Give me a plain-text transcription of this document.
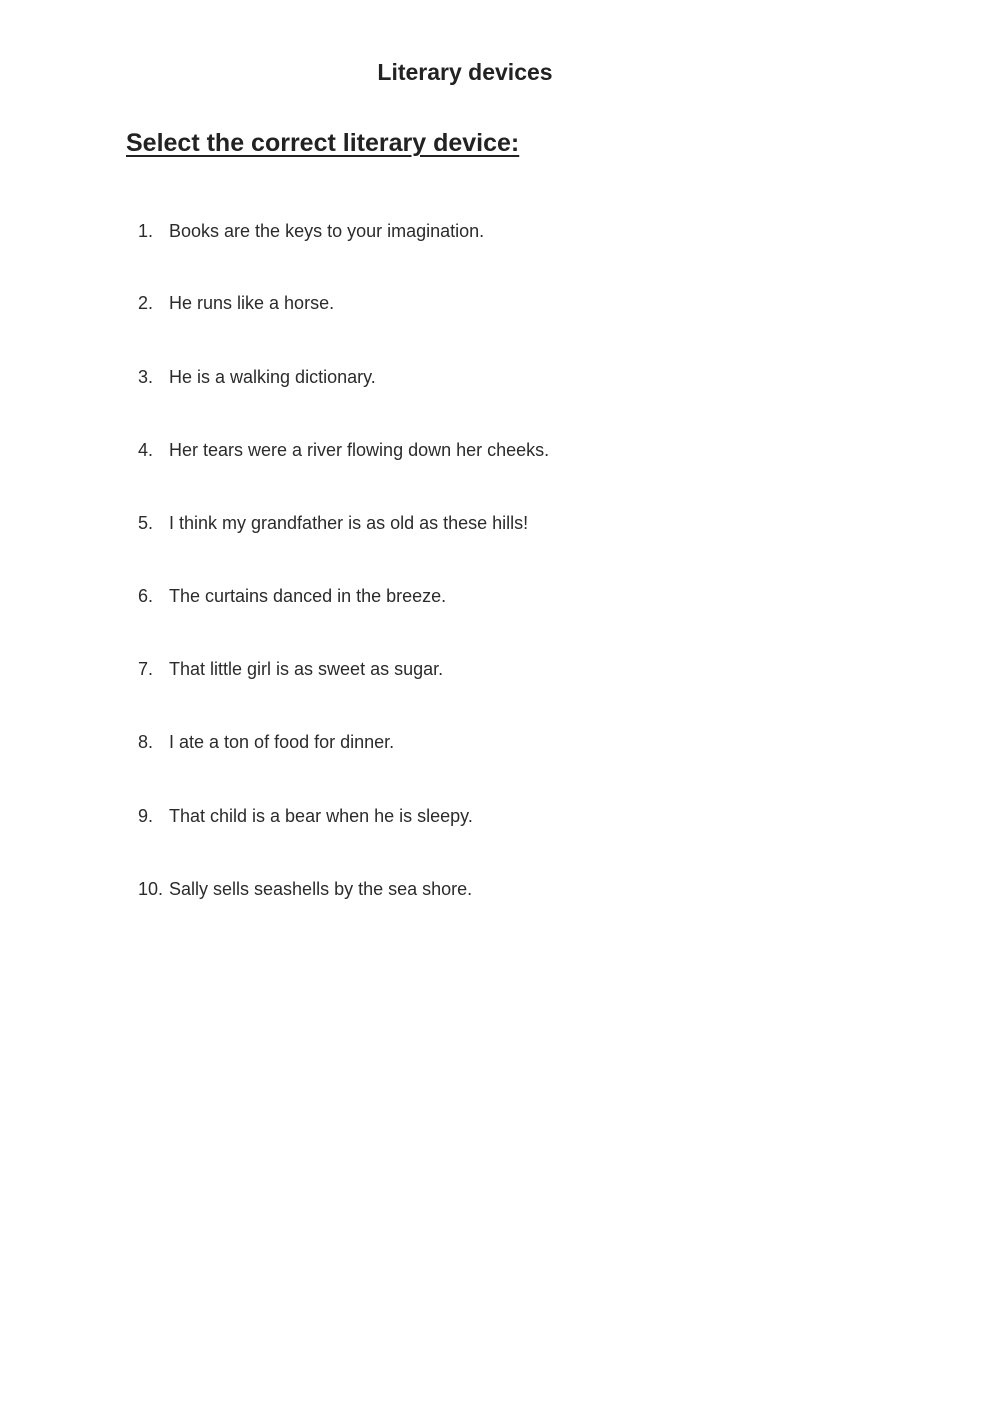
Literary devices
Select the correct literary device:
1. Books are the keys to your imagination.
2. He runs like a horse.
3. He is a walking dictionary.
4. Her tears were a river flowing down her cheeks.
5. I think my grandfather is as old as these hills!
6. The curtains danced in the breeze.
7. That little girl is as sweet as sugar.
8. I ate a ton of food for dinner.
9. That child is a bear when he is sleepy.
10. Sally sells seashells by the sea shore.
